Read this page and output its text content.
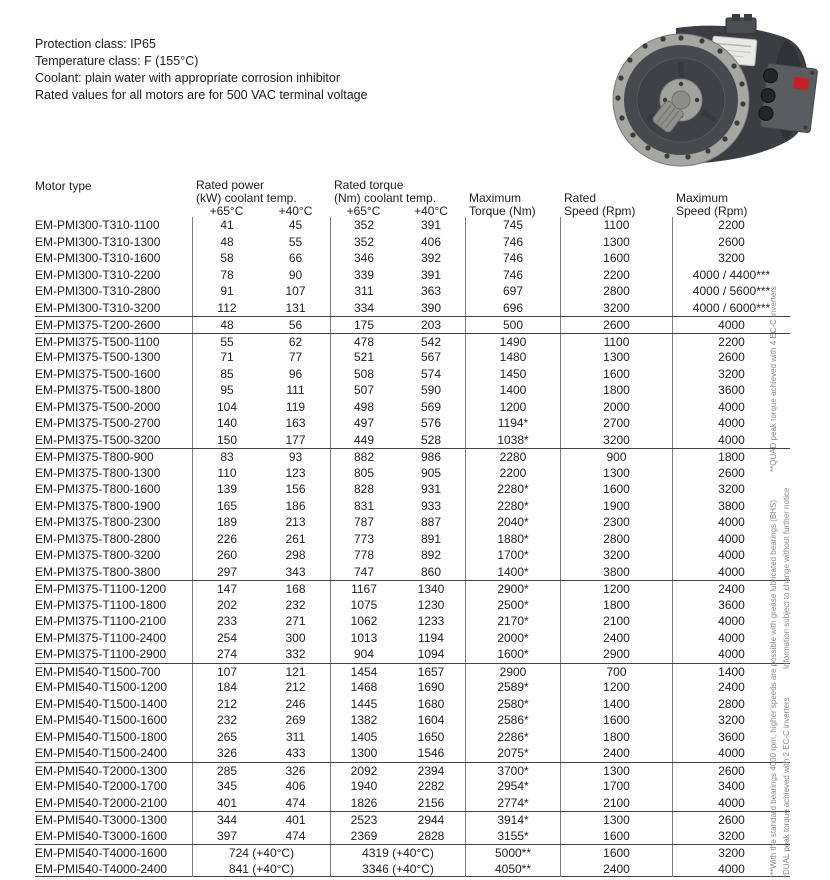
Protection class: IP65
Temperature class: F (155°C)
Coolant: plain water with appropriate corrosion inhibitor
Rated values for all motors are for 500 VAC terminal voltage
Motor type	Rated power
(kW) coolant temp.
+65°C	+40°C
Rated torque
(Nm) coolant temp.
+65°C	+40°C
Maximum
Torque (Nm)
Rated
Speed (Rpm)
Maximum
Speed (Rpm)
EM-PMI300-T310-1100	41	45	352	391	745	1100	2200
EM-PMI300-T310-1300	48	55	352	406	746	1300	2600
EM-PMI300-T310-1600	58	66	346	392	746	1600	3200
EM-PMI300-T310-2200	78	90	339	391	746	2200	4000 / 4400***
EM-PMI300-T310-2800	91	107	311	363	697	2800	4000 / 5600***
EM-PMI300-T310-3200	112	131	334	390	696	3200	4000 / 6000***
EM-PMI375-T200-2600	48	56	175	203	500	2600	4000
EM-PMI375-T500-1100	55	62	478	542	1490	1100	2200
EM-PMI375-T500-1300	71	77	521	567	1480	1300	2600
EM-PMI375-T500-1600	85	96	508	574	1450	1600	3200
EM-PMI375-T500-1800	95	111	507	590	1400	1800	3600
EM-PMI375-T500-2000	104	119	498	569	1200	2000	4000
EM-PMI375-T500-2700	140	163	497	576	1194*	2700	4000
EM-PMI375-T500-3200	150	177	449	528	1038*	3200	4000
EM-PMI375-T800-900	83	93	882	986	2280	900	1800
EM-PMI375-T800-1300	110	123	805	905	2200	1300	2600
EM-PMI375-T800-1600	139	156	828	931	2280*	1600	3200
EM-PMI375-T800-1900	165	186	831	933	2280*	1900	3800
EM-PMI375-T800-2300	189	213	787	887	2040*	2300	4000
EM-PMI375-T800-2800	226	261	773	891	1880*	2800	4000
EM-PMI375-T800-3200	260	298	778	892	1700*	3200	4000
EM-PMI375-T800-3800	297	343	747	860	1400*	3800	4000
EM-PMI375-T1100-1200	147	168	1167	1340	2900*	1200	2400
EM-PMI375-T1100-1800	202	232	1075	1230	2500*	1800	3600
EM-PMI375-T1100-2100	233	271	1062	1233	2170*	2100	4000
EM-PMI375-T1100-2400	254	300	1013	1194	2000*	2400	4000
EM-PMI375-T1100-2900	274	332	904	1094	1600*	2900	4000
EM-PMI540-T1500-700	107	121	1454	1657	2900	700	1400
EM-PMI540-T1500-1200	184	212	1468	1690	2589*	1200	2400
EM-PMI540-T1500-1400	212	246	1445	1680	2580*	1400	2800
EM-PMI540-T1500-1600	232	269	1382	1604	2586*	1600	3200
EM-PMI540-T1500-1800	265	311	1405	1650	2286*	1800	3600
EM-PMI540-T1500-2400	326	433	1300	1546	2075*	2400	4000
EM-PMI540-T2000-1300	285	326	2092	2394	3700*	1300	2600
EM-PMI540-T2000-1700	345	406	1940	2282	2954*	1700	3400
EM-PMI540-T2000-2100	401	474	1826	2156	2774*	2100	4000
EM-PMI540-T3000-1300	344	401	2523	2944	3914*	1300	2600
EM-PMI540-T3000-1600	397	474	2369	2828	3155*	1600	3200
EM-PMI540-T4000-1600	724 (+40°C)	4319 (+40°C)	5000**	1600	3200
EM-PMI540-T4000-2400	841 (+40°C)	3346 (+40°C)	4050**	2400	4000	***With the standard bearings 4000 rpm, higher speeds are possible with grease lubricated bearings (BHS) **QUAD peak torque achieved with 4 EC-C inverters
*DUAL peak torque achieved with 2 EC-C inverters Information subject to change without further notice
